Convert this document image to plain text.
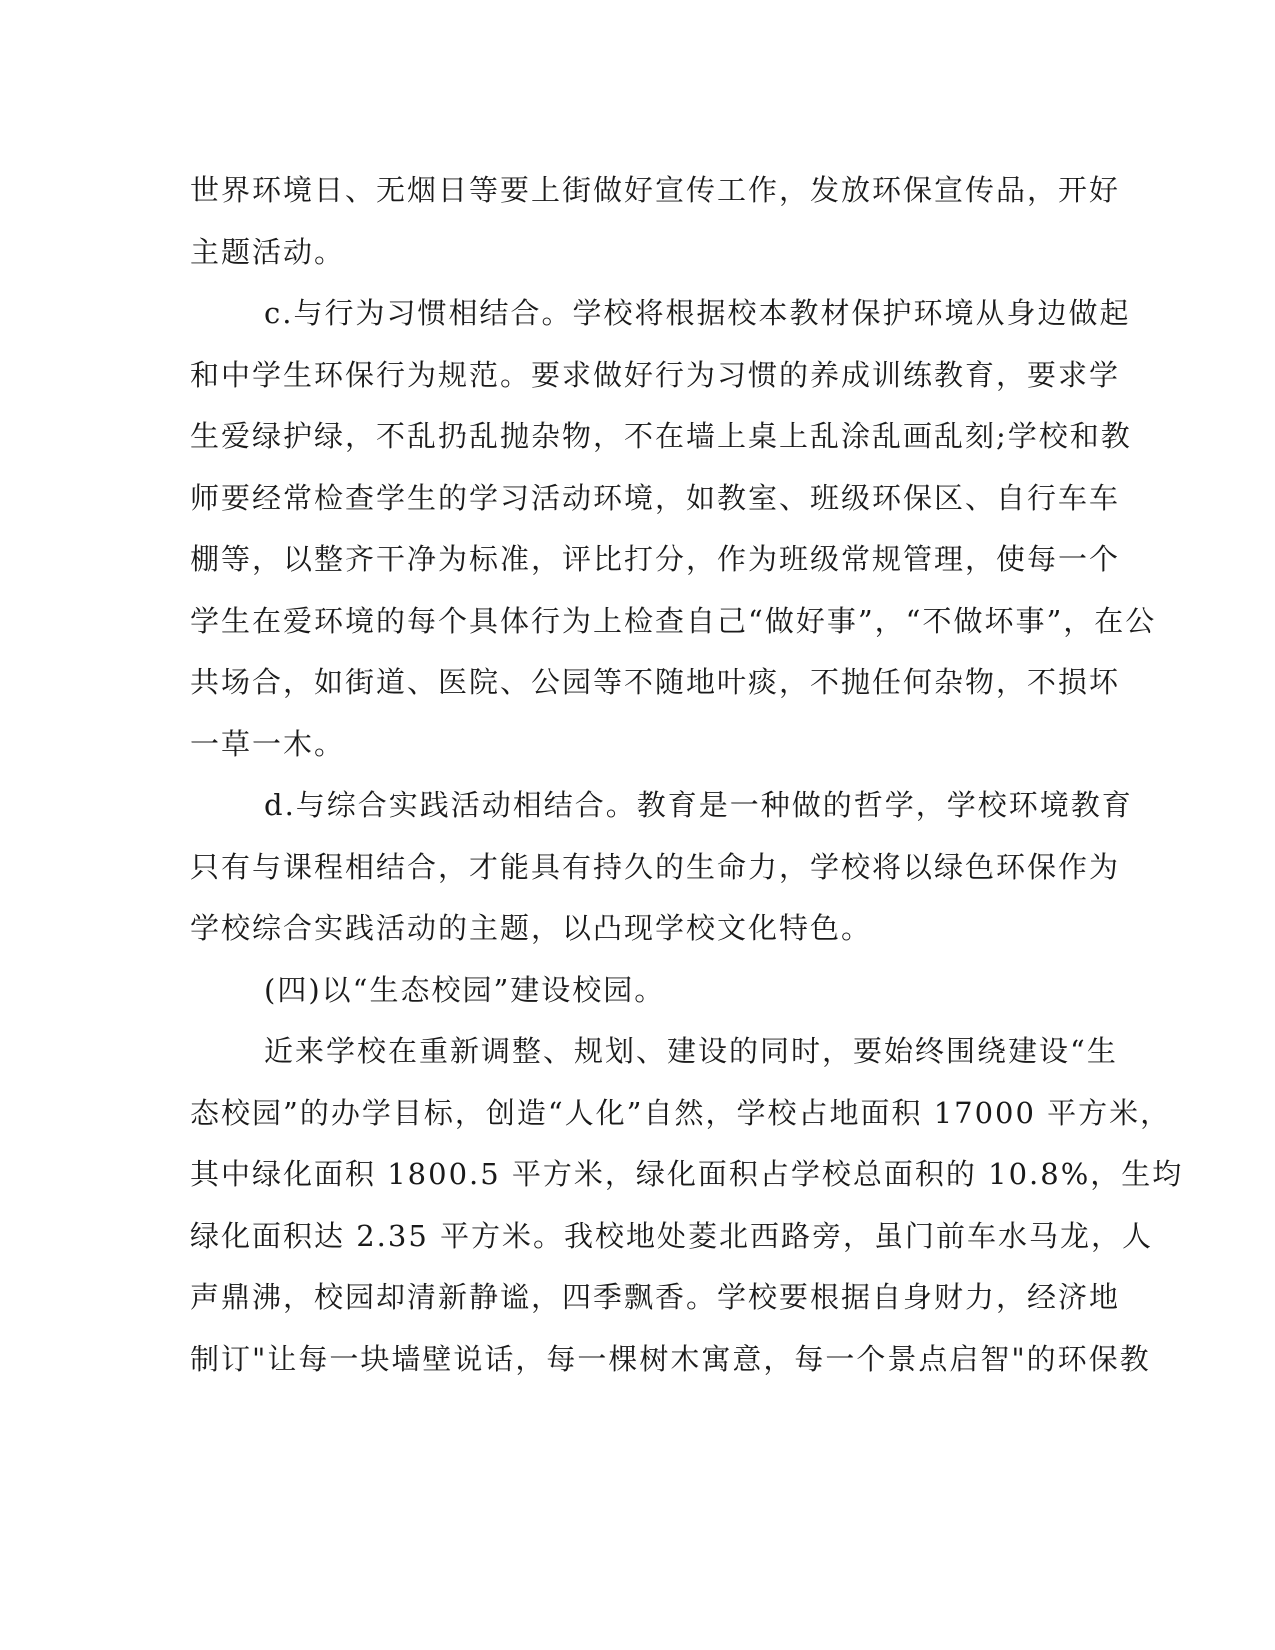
世界环境日、无烟日等要上街做好宣传工作，发放环保宣传品，开好
主题活动。
c.与行为习惯相结合。学校将根据校本教材保护环境从身边做起
和中学生环保行为规范。要求做好行为习惯的养成训练教育，要求学
生爱绿护绿，不乱扔乱抛杂物，不在墙上桌上乱涂乱画乱刻;学校和教
师要经常检查学生的学习活动环境，如教室、班级环保区、自行车车
棚等，以整齐干净为标准，评比打分，作为班级常规管理，使每一个
学生在爱环境的每个具体行为上检查自己“做好事”，“不做坏事”，在公
共场合，如街道、医院、公园等不随地叶痰，不抛任何杂物，不损坏
一草一木。
d.与综合实践活动相结合。教育是一种做的哲学，学校环境教育
只有与课程相结合，才能具有持久的生命力，学校将以绿色环保作为
学校综合实践活动的主题，以凸现学校文化特色。
(四)以“生态校园”建设校园。
近来学校在重新调整、规划、建设的同时，要始终围绕建设“生
态校园”的办学目标，创造“人化”自然，学校占地面积 17000 平方米，
其中绿化面积 1800.5 平方米，绿化面积占学校总面积的 10.8%，生均
绿化面积达 2.35 平方米。我校地处菱北西路旁，虽门前车水马龙，人
声鼎沸，校园却清新静谧，四季飘香。学校要根据自身财力，经济地
制订"让每一块墙壁说话，每一棵树木寓意，每一个景点启智"的环保教
